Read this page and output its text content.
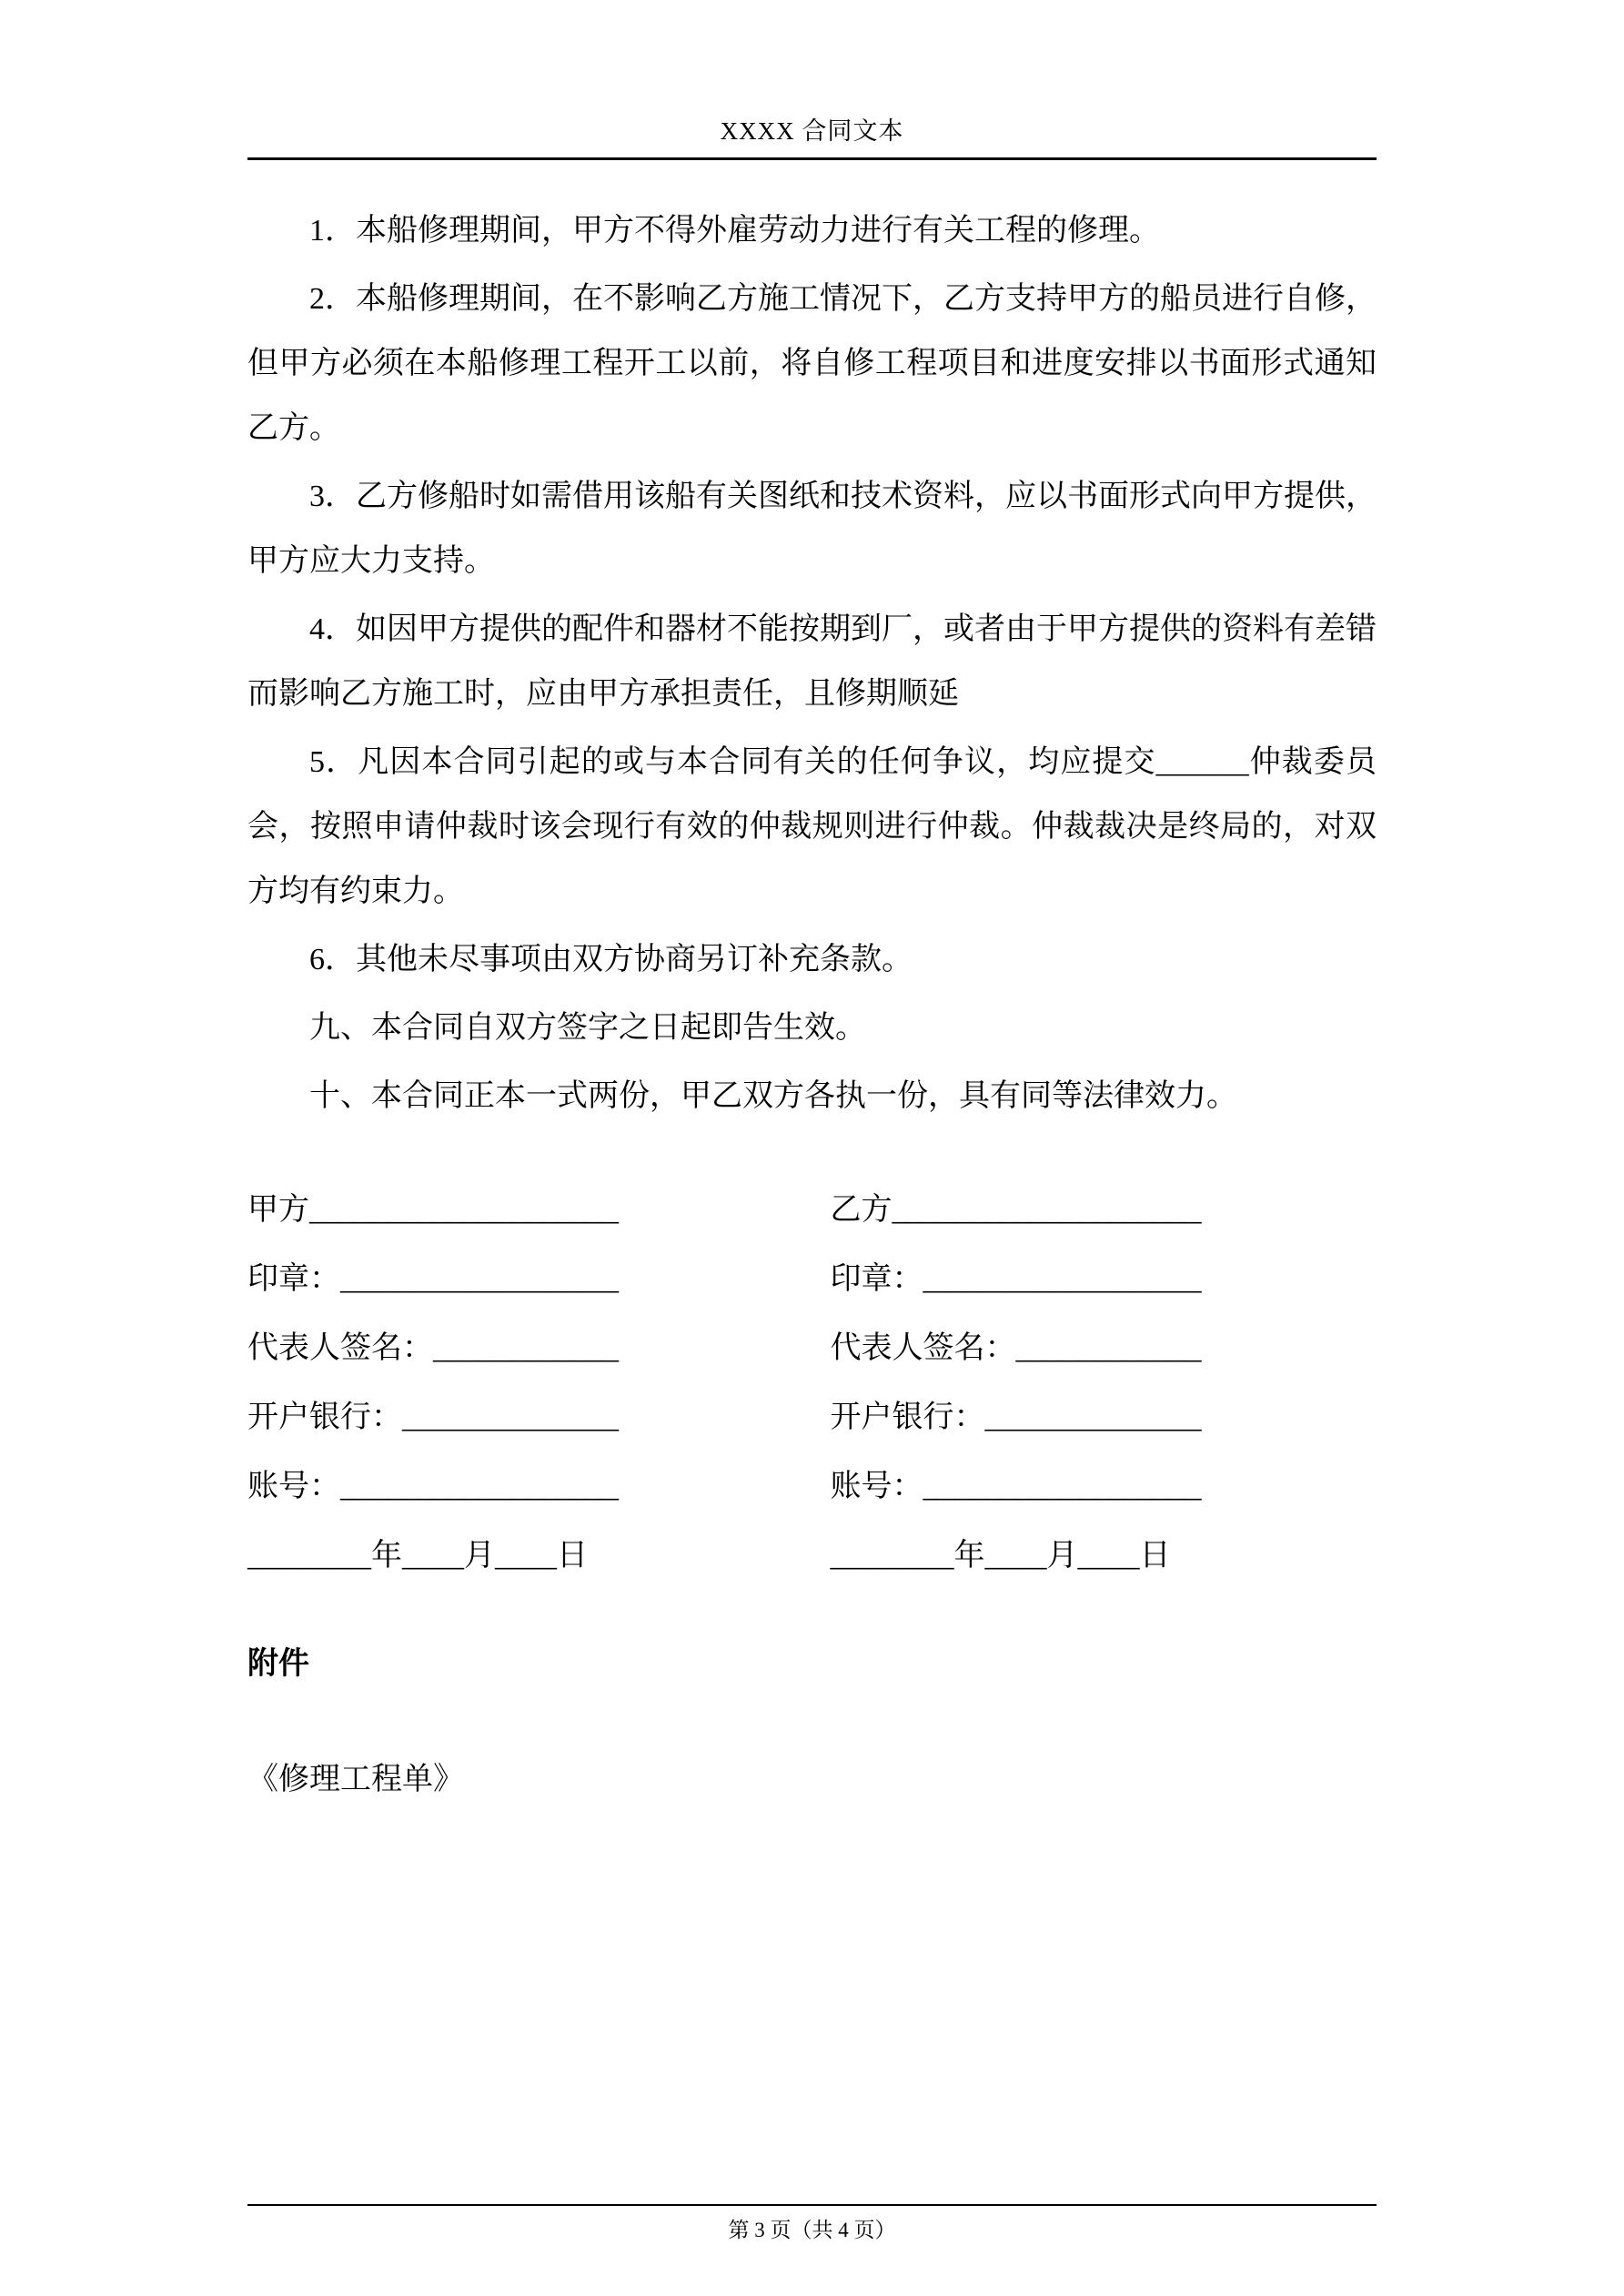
XXXX 合同文本

1．本船修理期间，甲方不得外雇劳动力进行有关工程的修理。

2．本船修理期间，在不影响乙方施工情况下，乙方支持甲方的船员进行自修，但甲方必须在本船修理工程开工以前，将自修工程项目和进度安排以书面形式通知乙方。

3．乙方修船时如需借用该船有关图纸和技术资料，应以书面形式向甲方提供，甲方应大力支持。

4．如因甲方提供的配件和器材不能按期到厂，或者由于甲方提供的资料有差错而影响乙方施工时，应由甲方承担责任，且修期顺延

5．凡因本合同引起的或与本合同有关的任何争议，均应提交______仲裁委员会，按照申请仲裁时该会现行有效的仲裁规则进行仲裁。仲裁裁决是终局的，对双方均有约束力。

6．其他未尽事项由双方协商另订补充条款。

九、本合同自双方签字之日起即告生效。

十、本合同正本一式两份，甲乙双方各执一份，具有同等法律效力。

甲方____________________
印章：__________________
代表人签名：____________
开户银行：______________
账号：__________________
________年____月____日
乙方____________________
印章：__________________
代表人签名：____________
开户银行：______________
账号：__________________
________年____月____日
附件
《修理工程单》
第 3 页（共 4 页）
